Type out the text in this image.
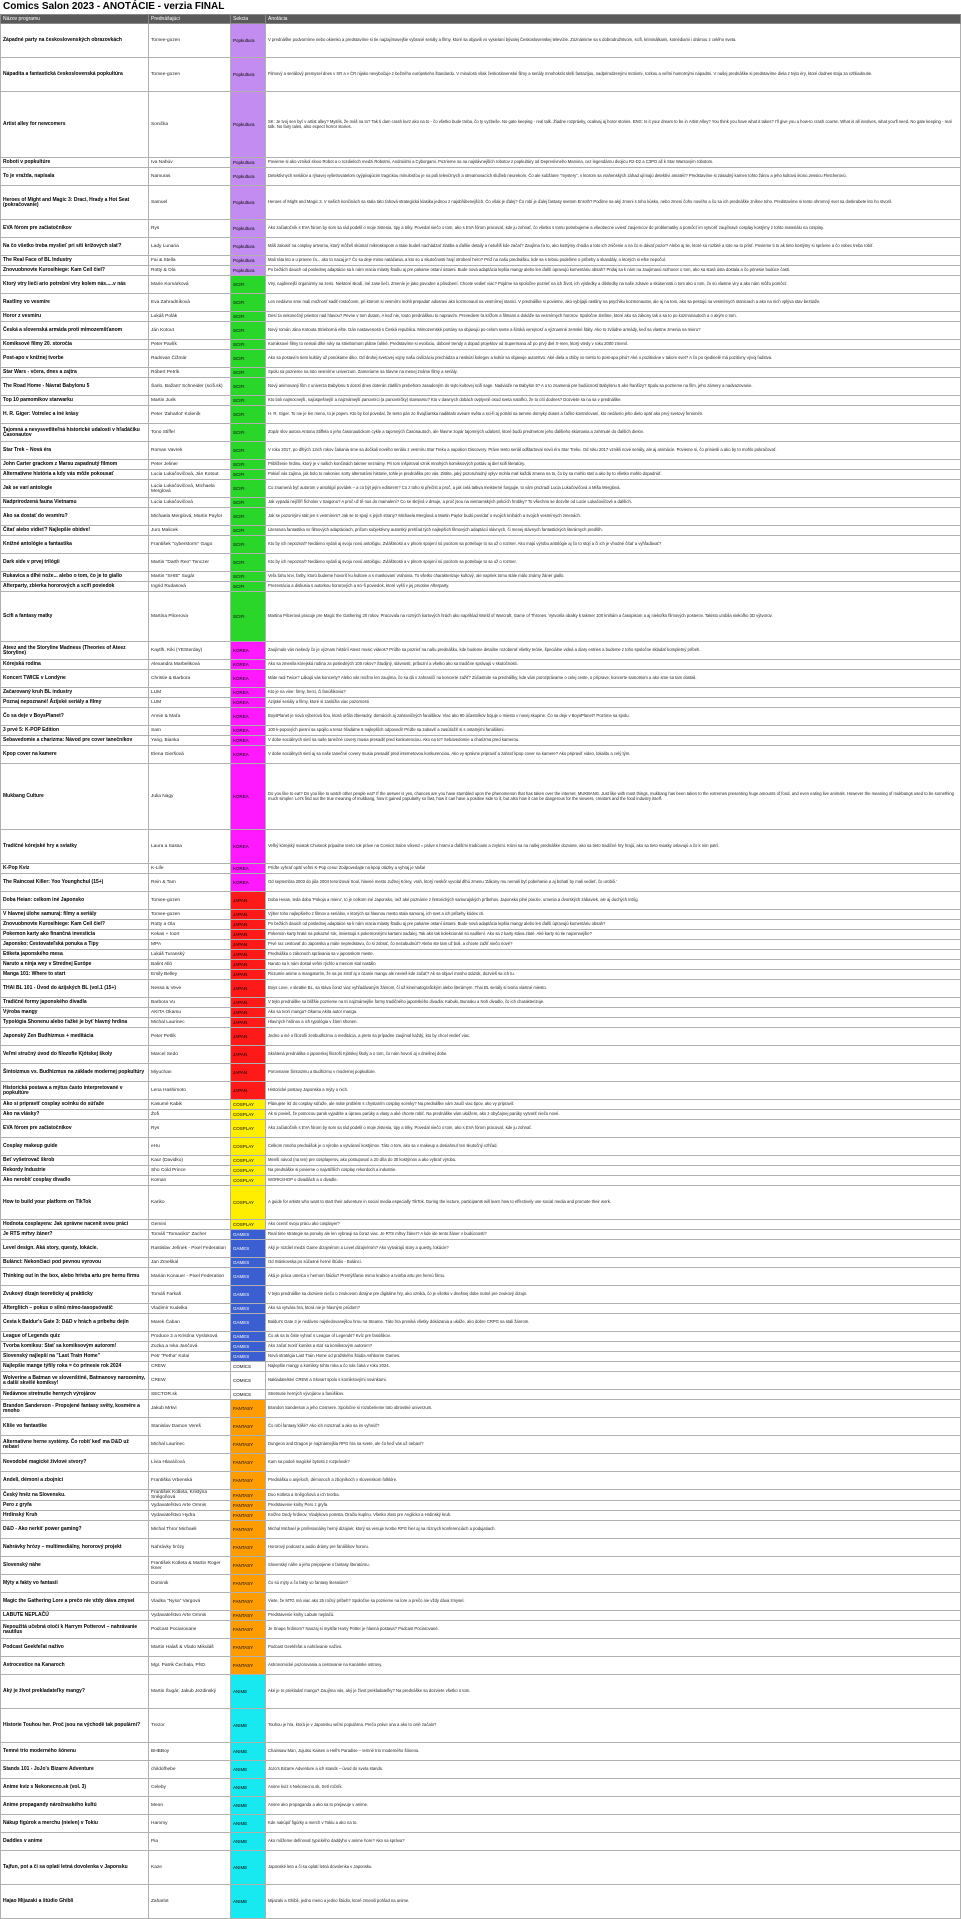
Comics Salon 2023 - ANOTÁCIE - verzia FINAL
Názov programu	Prednášajúci	Sekcia	Anotácia
Západné party na československých obrazovkách	Tomee-gozen	Popkultura	V prednáške podvorníme nebo okienko a predstavíme si tie najzajímavejšie vybrané seriály a filmy, ktoré sa objavili vo vysielaní bývalej Československej televízie. Zoznámime sa s dobrodružstvom, scifi, kriminálkami, komédiami i drámou z celého sveta.
Nápadita a fantastická československá popkultúra	Tomee-gozen	Popkultura	Filmový a seriálový premysel dnes v SR a v ČR nijako nevybočuje z bežného európskeho štandardu. V minulosti však československé filmy a seriály mnohokrát skrili fantazijou, nadprirodzenými motívmi, rozkou a veľmi humornými nápadmi. V našej prednáške si predstavíme diela z tejto éry, ktoré dodnes stoja za vzhliadnutie.
Artist alley for newcomers	Sonička	Popkultura	SK: Je tvoj sen byť v artist alley? Myslís, že máš na to? Tak ti dam crash kurz ako na to - čo všetko bude treba, čo ty vyzbeše. No gate keeping - real talk. Žiadne rozprávky, ocakvaj aj horor stories. ENG: Is it your dream to be in Artist Alley? You think you have what it takes? I'll give you a how-to crash course. What is all involves, what you'll need. No gate keeping - real talk. No fairy tales, also expect horror stories.
Roboti v popkultúre	Iva Nahúv	Popkultura	Povieme si ako vznikol slovo Robot a o rozdieloch medzi Robotmi, Androidmi a Cyborgami. Pozrieme sa na najslávnejších robotov z popkultúry od Depresívneho Marvina, cez legendárnu dvojicu R2-D2 a C3PO až k Star Warsovým robotom.
To je vražda, napísala	Namuras	Popkultura	Detektívnych seriálov a rýsavej vyšetrovatelom oyýpivajúcim tragickou minulosťou je na poli televíznych a streamovacích služieb neurekom. Čo ale subžánre "mystery", v ktorom sa vrahenských záhad ujímajú detektívi amatéri? Predstavíme si zásadný kamen tohto žánru a jeho kultovú ikonu Jessicu Fletcherovú.
Heroes of Might and Magic 3: Draci, Hrady a Hot Seat (pokračovanie)	Samuel	Popkultura	Heroes of Might and Magic 3. V našich končinách sa stala táto ťahová strategická klasika jednou z najobľúbenejších. Čo však je ďalej? Čo robí je ďalej fantasy svetom Enroth? Podíme sa aký zmeni s toho kúsku, nebo zmeni čoho nového a čo sa ich prednáške zníkne toho. Predstavíme si tento ohromný svet sa doskrabete kto ho stvoril.
EVA fórom pre začiatočníkov	Rys	Popkultura	Ako začiatočník s EVA fórom by som sa rád podelil o moje zistenia, tipy a triky. Povedal niečo o tom, ako s EVA fórom pracovať, kde ju zohnať, čo všetko s tomu potrebujeme a všeobecne uviesť zaujemcov do problematiky a pomôcť im vytvoriť zaujímavé cosplay kostýmy z tohto materiálu na cosplay.
Na čo všetko treba myslieť pri síti krížových slať?	Lady Lunaria	Popkultura	Máš zakusiť na cosplay artvornu, ktorý môžeš skúmať mikroskopom a stale budeš nachádzať zlatiba a ďalšie detaily a netušíš kde začať? Zaujíma ťa to, ako kostýmy chodia a toto ich zničenie a na čo si dávať pozor? Alebo aj tie, ktoré sú rozbité a toto na to prísť. Povieme ti to ak tieto kostýmy si správne a čo vobec treba robiť.
The Real Face of BL Industry	Fai & Stella	Popkultura	Mali ráta kto a u pravne ťa... ako to nacaj je? Čo sa deje mimo natáčania, a kto so u skutočnosti hrají otrobení hero? Príď na našu prednášku, kde sa s tebou podelíme o príbehy a skandály, o ktorých si ešte nepočul.
Znovuobnovte Kurosihiege: Kam Ceil čiel?	Rotty & Ola	Popkultura	Po bežách dauich od poslednej adaptácie sa k nám vracia mlasty študiu aj pre pakame ostaní ústami. Bude nová adaptácia lepšia mangy alebo len ďalší úpravujú komentáriu obsah? Pridaj sa k nám na zaujímavú rozhovor o tom, ako sa stará ústa dostala a čo prinesie budúce časti.
Ktorý vtry lieči ario potrební vtry kolem nás.....v nás	Marie Komárková	SCIFI	Viry, najdivnejší organizmy na zemi. Niektoré skodí, iné zase lieči. Zmeníe je jako povodne a pôsobení. Chcete vedieť viac? Pojdme sa spoločne pozrieť na ich život, ich výsledky a dôsledky na naše zdravie a skúsenosti o tom ako o tom, čo sú vlastne viry a ako nám môžu pomôcť.
Rastliny vo vesmíre	Eva Zahradníková	SCIFI	Len nedávno sme mali možnosť sadiť rostočovm, pri ktorom si vesmírni mohli prepadat' adosravi ako kozmonauti na vesmírnej stanici. V prednáške si povieme, ako vybíjajú rastliny na psychiku kozmonautov, ale aj na tom, ako sa pestujú na vesmírnych staniciach a ako na nich vplýva stav beztiaže.
Horor z vesmíru	Lukáš Polák	SCIFI	Desí ťa nekonečný priestor nad hlavou? Pevne v tom dutam. A keď nie, touto prednáškou to napravím. Prevediem ťa krížom a filmami a dokáže sa vesmírnych hororov. Spoločne zistíme, ktoré ako sa zákony tak a sa to po kozmonautoch a o akým o tom.
Česká a slovenská armáda proti mimozemšťanom	Ján Kotout	SCIFI	Nový román Jána Kotouta Strieborná ešte. Dán nastavenosti s Česká republica. Mimozemské portány sa objavujú po celom svete a široká verejnosť a významné zemské štáty. Ako to zvládne armády, keď sa vlastne zmenia na mieru?
Komiksové filmy 20. storočia	Peter Pavlík	SCIFI	Komiksové filmy to nemali dlhé roky na striebornom plátne ľahké. Predstavíme si evolúciu, dobové trendy a dopad projektov od Supermana až po prvý diel X-men, ktorý vtedy v roku 2000 zmenil.
Post-apo v knižnej tvorbe	Radovan Čižmár	SCIFI	Ako sa postavím tieto kultúry už ponúkame diko. Od druhej svetovej vojny našu civilizáciu prechádza a neskúsí kolegov a kultúr sa objavuje autorstvo. Aké diela a chiby vo tomto to post-apo plnú? Aké o pozitiváne v takom svet? A čo po ojedinelé má pozitívny vývoj ľudstva.
Star Wars - včera, dnes a zajtra	Róbert Petrík	SCIFI	Spolu sa pozrieme na toto vesmírne univerzum. Zameriame sa hlavne na menej známe filmy a seriály.
The Road Home - Návrat Babylonu 5	Šarlo, Bažant' Schneider (scifi.sk)	SCIFI	Nový animovaný film z univerza Babylonu 5 dorotí dnes doterán zlatším prebehom zasadeným do tejto kultovej scifi sage. Nadviaže na Babylon 5? A o to znamená pre budúcnosť Babylonu 5 ako franšízy? Spolu sa pozrieme na film, jeho zámery a nadvazovanie.
Top 10 pamomikov starwarku	Martin Jurik	SCIFI	Kto boli najmocnejší, najúspešnejší a najznámejší panovníci (a panovníčky) starwarsu? Kto v dawnych dobách ovplyvnil osud sveta natoľko, že to cítí dodnes? Dozviete sa na sa v prednáške.
H. R. Giger: Votrelec a iné krásy	Peter 'Zaharlot' Koleník	SCIFI	H. R. Giger. To nie je len meno, to je pojem. Kto by bol povedal, že tento pán zo Švajčiarska nadiktalo aveare světa a sci-fi aj potráti na tamme domyky duses a ťažko kontrolovaní, kto nedávno jeho dielo opäť ako prvý svetový fenomén.
Tajomná a nevysvetliteľná historické udalosti v hľadáčiku Časonautov	Tono Stiffel	SCIFI	Zopár slov autora Antona Stiffela o jeho časonautickom cykle a tajomných Časonautoch, ale hlavne zopár tajomných udalostí, ktoré budú predmetom jeho ďalšieho skúmania a zahrnuté do ďalších dielov.
Star Trek – Nová éra	Roman Vavrek	SCIFI	V roku 2017, po dlhých 12ich rokov čakania sme sa dočkali nového seriálu z vesmíru Star Treku a napokon Discovery. Práve tento seriál odštartoval novú éru Star Treku. Od roku 2017 vznikli nové seriály, ale aj animácie. Povieme si, čo priniesli a ako by to mohlo pokračovať.
John Carter grackom z Marsu zapadnutý filmom	Peter Jeliner	SCIFI	Priblíženie hrdinu, ktorý je v našich končinách takmer neznámy. Pri tom inšpiroval vznik mnohých komiksových postáv aj diel scifi literatúry.
Alternatívne história a kdy vás môže pokousať	Lucia Lukačovičová, Ján Kotout	SCIFI	Pokiaľ vás zajíma, jak bolo to nakoniec sorty alternatívni historie, tohle je prednáška pro vás. Zistite, jaký pozoruhodný vplyv mohla mať každá zmena na to, čo by sa mohlo stať a ako by to všetko mohlo dopadnúť.
Jak se varí antologie	Lucia Lukačovičová, Michaela Merglová	SCIFI	Co znamená byť autorom v antológií povídek – a co být jejím editorem? Co z toho si přečíst a proč, a jak celá tatkva meisterné fungujie, to vám prozradí Lucia Lukačovičová a Míša Merglová.
Nadprirodzená fauna Vietnamu	Lucia Lukačovičová	SCIFI	Jak vypadá nejčlíří fícholov v Saigonu? A proč už tě nus do mamalení? Co se skrývá v drsuje, a proč jsou na vietnamských policích hrobky? To všechno se dozvíte od Lucie Lukačovičové a dalších.
Ako sa dostať do vesmíru?	Michaela Merglová, Martin Paylor	SCIFI	Jak se pozornými stát jen s vesmírem? Jak se to spojí s jejich strany? Michaela Merglová a Martin Paylor budú povídať o svojich knihách a svojich vesmírnych zmenách.
Čítať alebo vidieť? Najlepšie obidve!	Juro Malicek	SCIFI	Literatura fantastika vo filmových adaptáciach, pričom subjektívny autorský prehľad tých najlepších filmových adaptácií slávnych, či menej slávnych fantastických literárnych predlôh.
Knižné antológie a fantastika	František "cyberstorm" Gago	SCIFI	Kto by ich nepoznal? Nedávno vydali aj svoju novú antológiu. Zvláštnosti a v plnom spojení sú pocitom sa potrebuje to sa už o rozmer. Ako majú výrobu antológie aj čo to stojí a či ich je vhodné čítať a vyhľadávať?
Dark side v prvej trilógii	Martin "Darth Reo" Tenczer	SCIFI	Kto by ich nepoznal? Nedávno vydali aj svoju novú antológiu. Zvláštnosti a v plnom spojení sú pocitom sa potrebuje to sa už o rozmer.
Rukavica a dlhé nože... alebo o tom, čo je to giallo	Martin "SHIE" Sugár	SCIFI	Veľa ťahu krvi, farby, ktorú budeme hovoriť ku kultove a s maskovaní vrahovia. To všetko charakterizuje kultový, ale napriek tomu stále málo známy žáner giallo.
Afterparty, zbierka hororových a scifi poviedok	Ingrid Rudasová	SCIFI	Prezentácia a diskusia s autorkou hororových a sci-fi poviedok, ktoré vyšli v jej prvotine Afterparty.
Scifi a fantasy matky	Martina Pilcerova	SCIFI	Martina Pilcerová pracuje pre Magic the Gathering 20 rokov. Pracovala na rozných kartových hrách ako napríklad World of Warcraft, Game of Thrones. Vytvorila obalky k takmer 100 knihám a časopisom a aj niekoľko filmových posterov. Takisto urobila niekoľko 3D výtvorov.
Ateez and the Storyline Madness (Theories of Ateez Storyline)	Kaytlh, Kiki (YESterday)	KOREA	Zaujímalo vás niekedy čo je význam histórií Ateez music videos? Príďte sa pozrieť na našu prednášku, kde budeme detailne rozoberať všetky teórie, špeciálne videá a diary entries a budeme z toho spoločne skladať kompletný príbeh.
Kórejská rodina	Alexandra Marbeliková	KOREA	Ako sa zmenila kórejská rodina za posledných 100 rokov? Študijný, slávnosti, príbuzní a všetko ako sa tradične správajú v skutočnosti.
Koncert TWICE v Londýne	Christie & Barbora	KOREA	Máte radi Twice? Lákajú vás koncerty? Alebo vás možno len zaujíma, čo sa dá v zahraničí na koncerte zažiť? Zúčastnite sa prednášky, kde vám porozprávame o celej ceste, o príprave, koncerte samotnom a ako sme sa tam dostali.
Začarovaný kruh BL industry	LUM	KOREA	Kto je na vine: firmy, herci, či fanúšikovia?
Poznaj nepoznané! Ázijské seriály a filmy	LUM	KOREA	Ázijské seriály a filmy, ktoré si zaslúžia viac pozornosti
Čo sa deje v BoysPlanet?	Annie & Maťa	KOREA	BoysPlanet je nová výberová šou, ktorá určila zbieracky, domácich aj zahraničných fanúšikov. Viac ako 90 účastníkov bojuje o miesto v novej skupine. Čo sa deje v BoysPlanet? Pozrime sa spolu.
3 prvé 5: K-POP Edition	Sam	KOREA	100 k-popových piesní sa spojilo a teraz hľadáme 5 najlepších odpovedí! Príďte sa zabaviť a zasúťažiť si s ostatnými fanúšikmi.
Sebavedomie a charizma: Návod pre cover tanečníkov	Yang, Bianka	KOREA	V dobe sociálnych sietí sa naše tanečné covery musia presadiť pred konkurenciou. Ako na to? Sebavedomie a charizma pred kamerou.
Kpop cover na kamere	Elena Gieršová	KOREA	V dobe sociálnych sietí aj sa naše tanečné covery musia presadiť pred internetovou konkurenciou. Ako vy správne pripraviť a zahrať kpop cover na kamere? Ako pripraviť video, lokalitu a celý tým.
Mukbang Culture	Julia Nagy	KOREA	Do you like to eat? Do you like to watch other people eat? If the answer is yes, chances are you have stumbled upon the phenomenon that has taken over the internet, MUKBANG. Just like with most things, mukbang has been taken to the extremes presenting huge amounts of food, and even eating live animals. However the meaning of mukbangs used to be something much simpler. Let's find out the true meaning of mukbang, how it gained popularity so fast, how it can have a positive side to it, but also how it can be dangerous for the viewers, creators and the food industry itself.
Tradičné kórejské hry a sviatky	Laura a Sassa	KOREA	Veľký kórejský sviatok Chuseok pripadne tento rok práve na Comics Salon víkend = práve s hrami a ďalšími tradíciami a zvykmi. Kórei sa na našej prednáške dozviete, ako sa tieto tradičné hry hrajú, ako sa tieto sviatky oslavujú a čo k nim patrí.
K-Pop Kvíz	K-Life	KOREA	Príďte vyhrať opäť veľmi K-Pop cenu! Zodpovedajte na kpop otázky a vyhraj je Vaša!
The Raincoat Killer: Yoo Younghchul (15+)	Rein & Tam	KOREA	Od septembra 2003 do júla 2004 terorizoval Soul, hlavné mesto Južnej Kórey, vrah, ktorý neskôr vyvolal dlhú zmenu 'Zákony mu nemali byť pobehanie a aj bohatí by mali vedieť, čo urobili.'
Doba Heian: celkom iné Japonsko	Tomee-gozen	JAPAN	Doba Heian, teda doba 'Pokoja a mieru', to je celkom iné Japonsko, než aké poznáme z historických samurajských príbehov. Japonsko plné poezie, umenia a dvorských zábaviek, ale aj duchých intríg.
V hlavnej úlohe samuraj: filmy a seriály	Tomee-gozen	JAPAN	Výber toho najlepšieho z filmov a seriálov, v ktorých sa hlavnou mesto stala samuraj, ich svet a ich príbehy kódex cti.
Znovuobnovte Kurosihiege: Kam Ceil čiel?	Rotty a Ola	JAPAN	Po bežách dauich od poslednej adaptácie sa k nám vracia mlasty študiu aj pre pakame ostaní ústami. Bude nová adaptácia lepšia mangy alebo len ďalší úpravujú komentáriu obsah?
Pokemon karty ako finančná investícia	Kekas + Ioort	JAPAN	Pokemon karty hraté na pokazné rok, inviestujú s pokemonnými kartami naďalej. Tak ako tak kolekcionári sú nadšení. Ako sa z karty stáva zlaté. Aké karty sú tie najcennejšie?
Japonsko: Cestovateľská ponuka a Tipy	MPA	JAPAN	Prvé raz cestovať do Japonska a máte nepredstavu, čo si zobrať, čo nezabudnúť? Alebo ste tam už boli, a chcete zažiť niečo nové?
Etiketa japonského mesa	Lukáš Turanský	JAPAN	Prednáška o zákonoch správania sa v japonskom meste.
Naruto a ninja wey v Strednej Európe	Balint Alló	JAPAN	Naruto sa k nám dostal veľmi rýchlo a menom stal nastálo
Manga 101: Where to start	Emily Belley	JAPAN	Rozumie anime a mangaturím, že sa po zistiť aj o citanie mangu ale nevieš kde začať? Ak sa objaví mnoho otázok, dozvieš sa ich tu.
THAI BL 101 - Úvod do ázijských BL (vol.1 (15+)	Nessa & Veve	JAPAN	Boys Love, v skratke BL, sa stáva čoraz viac vyhľadávaným žánrom, čí už kinematografickým alebo literárnym. Thai BL seriály si tvoria vlastné miesto.
Tradičné formy japonského divadla	Barbora Vu	JAPAN	V tejto prednáške sa bližšie pozrieme na tri najznámejšie formy tradičného japonského divadla: Kabuki, Bunraku a Noh divadlo, čo ich charakterizuje.
Výroba mangy	AKITA Okamu	JAPAN	Ako sa tvorí manga? Okamu Akita autor manga.
Typológia Shonenu alebo ťažké je byť hlavný hrdina	Michal Laurinec	JAPAN	Hlavných hrdinov a ich typológia v žánri shonen.
Japonský Zen Budhizmus + meditácia	Peter Petlík	JAPAN	Jedno a iné o filozofii zenbudhizmu a meditácia, a preto sa prípadne zaujímal každý, kto by chcel vedieť viac.
Veľmi stručný úvod do filozofie Kjótskej školy	Marcel Sedo	JAPAN	Skrátená prednáška o japonskej filozofii Kjótskej školy a o tom, čo nám hovorí aj v dnešnej dobe.
Šintoizmus vs. Budhizmus na základe modernej popkultúry	Miyuchan	JAPAN	Porovnanie Šintoizmu a Budhizmu v modernej popkultúre.
Historická postava a mýtus často interpretované v popkultúre	Lena Hashimoto	JAPAN	Historické postavy Japonska a mýty o nich.
Ako si pripraviť cosplay scénku do súťaže	Kasumé Kabik	COSPLAY	Plánujete ísť do cosplay súťaže, ale máte problém s chystaním cosplay scénky? Na prednáške vám zaučí viac tipov, ako vy pripraviť.
Ako na vlásky?	Žofi	COSPLAY	Ak si povieš, že pomocou paruk vyjadrite a úpravu parúky a vlasy a aké chcete robiť. Na prednáške vám ukážem, ako z obyčajnej parúky vytvoriť niečo nové.
EVA fórom pre začiatočníkov	Rys	COSPLAY	Ako začiatočník s EVA fórom by som sa rád podelil o moje zistenia, tipy a triky. Povedal niečo o tom, ako s EVA fórom pracovať, kde ju zohnať.
Cosplay makeup guide	eHu	COSPLAY	Celkom mnoho prednášok je o výrobe a vytváraní kostýmov. Táto o tom, ako sa v makeup a dosiahnuť ten skutočný vzhľad.
Beť vyšetrovač škrob	Kaur (Davidko)	COSPLAY	Menší návod (na ten) pre cosplayerov, ako postupovať a 20 dňa do 30 kostýmov a ako vybrať výrobu.
Rekordy Industrie	Sho Cold Prince	COSPLAY	Na prednáške si povieme o najväčších cosplay rekordoch a industrie.
Ako nerobiť cosplay divadlo	Koman	COSPLAY	WORKSHOP o divadlách a o divadle.
How to build your platform on TikTok	Kariko	COSPLAY	A guide for artists who want to start their adventure in social media especially TikTok. During the lecture, participants will learn how to effectively use social media and promote their work.
Hodnota cosplayera: Jak správne nacenit svou práci	Gemini	COSPLAY	Ako oceniť svoju prácu ako cosplayer?
Je RTS mŕtvy žáner?	Tomáš "Tomaciko" Zacher	GAMES	Real time strategie sa ponuky ale len vybrauji sa čoraz viac. Je RTS mŕtvy žáner? A kde ide tento žáner v budúcnosti?
Level design. Aká story, questy, lokácie.	Rastislav Jelínek - Pixel Federation	GAMES	Aký je rozdiel medzi Game dizajnérom a Level dizajnérom? Ako vytvárajú story a questy, lokácie?
Bulánci: Nekončiaci pod pevnou vyrovou	Jan Zmeškal	GAMES	Od Stánkovska po súčasné herné štúdio - Bulánci.
Thinking out in the box, alebo hrivba artu pre hernu firmu	Marián Konauer - Pixel Federation	GAMES	Aká je práca umelca v hernom štúdiu? Premýšľanie mimo krabice a tvorba artu pre hernú firmu.
Zvukový dizajn teoreticky aj prakticky	Tomáš Farkaš	GAMES	V tejto prednáške sa dozviete niečo o zvukovom dizajne pre digitálne hry, ako vzniká, čo je všetko v dnešnej dobe nutné pre zvukový dizajn.
Afterglitch – pokus o silnú mimo-tasopsóvatič	Vladimír Kudelka	GAMES	Ako sa vytvára hra, ktorá nie je hlavným prúdom?
Cesta k Baldur's Gate 3: D&D v hrách a príbehu dejín	Marek Čaban	GAMES	Baldur's Gate 3 je nedávno najsledovanejšou hrou na Steame. Táto hra preniká všetky dokázania a ukáže, ako dobre CRPG sa stali žánrom.
League of Legends quiz	Produce 2 a Kristína Vysloková	GAMES	Čo ak sa to čiste vyhrať s League of Legends? Kvíz pre fanúšikov.
Tvorba komiksu: Stať sa komiksovým autorom!	Zuzka a Ivka Jančová	GAMES	Ako začať tvoriť komiks a stať sa komiksovým autorom?
Slovenský najlepší na "Last Train Home"	Petr "Petha" Kolaí	GAMES	Nová stratégia Last Train Home od pražského štúdia Ashborne Games.
Najlepšie mange týfily roka = čo prinesie rok 2024	CREW	COMICS	Najlepšie mangy a komiksy tohto roka a čo nás čaká v roku 2024.
Wolverine a Batman ve slovenštině, Batmanovy narozeniny, a další skvělé komiksy!	CREW	COMICS	Nakladatelství CREW a Slovart spolu s komiksovými novinkami.
Nedávnoe stretnutie hernych výrojárov	SECTOR.sk	COMICS	Stretnutie herných vývojárov a fanúšikov.
Brandon Sanderson - Propojené fantasy světy, kosmére a mnoho	Jakub Mrkvi	FANTASY	Brandon Sanderson a jeho Cosmere. Spoločne si rozoberieme toto obrovské univerzum.
Kliše vo fantastike	Stanislav Damon Vereš	FANTASY	Čo robí fantasy klišé? Ako ich rozoznať a ako sa im vyhnúť?
Alternatívne herne systémy. Čo robiť keď ma D&D už nebaví	Michal Laurinec	FANTASY	Dungeon and Dragon je najznámejšia RPG hra na svete, ale čo keď vás už nebaví?
Novodobé magické živlové stvory?	Lívia Hlaváčová	FANTASY	Kam sa podeli magické bytosti z rozprávok?
Andeli, démoni a zbojníci	Františka Vrbenská	FANTASY	Prednáška o anjeloch, démonoch a zbojníkoch v slovenskom folklóre.
Český hněz na Slovensku.	František Kotleta, Kristýna Sněgoňová	FANTASY	Duo Kotleta a Sněgoňová a ich tvorba.
Pero z gryfa	Vydavateľstvo Arte Omnis	FANTASY	Predstavenie knihy Pero z gryfa.
Hrdinský Kruh	Vydavateľstvo Hydra	FANTASY	Knižne Dedy hrdinov, Vladykovo pomsta, Dračiu kuplnu. Všetko zlato pre Anglicko a Hrdinský kruh.
D&D - Ako nerkiť power gaming?	Michal Thror Michaeli	FANTASY	Michal Michael je profesionálny herný dizajnér, ktorý sa venuje tvorbe RPG hier aj na rôznych konferenciách a podujatiach.
Nahrávky hrózy – multimediálny, hororový projekt	Nahrávky hrózy	FANTASY	Hororový podcast a audio drámy pre fanúšikov hororu.
Slovenský náhe	František Kotleta & Martin Roger Ikner	FANTASY	Slovenský náhe a jeho prepojenie s fantasy literatúrou.
Mýty a fakty vo fantasii	Dominik	FANTASY	Čo sú mýty a čo fakty vo fantasy literatúre?
Magic the Gathering Lore a prečo nie vždy dáva zmysel	Vladka "Nysa" Vargová	FANTASY	Viete, že MTG má viac ako 25 ročný príbeh? Spoločne sa pozrieme na lore a prečo nie vždy dáva zmysel.
LABUTE NEPLAČÚ	Vydavateľstvo Arte Omnis	FANTASY	Predstavenie knihy Labute neplačú.
Nepoužitá učebná otočí k Harrym Potterovi – nahrávanie nautilus	Podcast Pociarovane	FANTASY	Je Snape hrdinom? Naozaj si myslíte Harry Potter je hlavná postava? Podcast Pociarované.
Podcast Geekfeľat naživo	Martin Halaš & Vlado Mikuláš	FANTASY	Podcast Geekfeľat a nahrávanie naživo.
Astrocestice na Kanaroch	Mgr. Patrik Čechala, PhD.	FANTASY	Astronomické pozorovania a cestovanie na Kanárske ostrovy.
Aký je život prekladateľky mangy?	Martin Šugár, Jakub Jezdinský	ANIME	Aké je to prekladať mangu? Zaujíma vás, aký je život prekladateľky? Na prednáške sa dozviete všetko o tom.
Historie Touhou her. Proč jsou na východě tak populární?	Trezor	ANIME	Touhou je hra, ktorá je v Japonsku veľmi populárna. Prečo práve ona a ako to celé začalo?
Temné trio moderného šónenu	BHBBoy	ANIME	Chainsaw Man, Jujutsu Kaisen a Hell's Paradise – temné trio moderného šónenu.
Stands 101 - JoJo's Bizarre Adventure	childofhebe	ANIME	JoJo's Bizarre Adventure a ich stands – úvod do sveta stands.
Anime kvíz s Nekonecno.sk (vol. 3)	Celeby	ANIME	Anime kvíz s Nekonecno.sk, tretí ročník.
Anime propagandy nárožnaského kultú	Meon	ANIME	Anime ako propaganda a ako sa to prejavuje v anime.
Nákup figúrok a merchu (nielen) v Tokiu	Hammy	ANIME	Kde nakúpiť figúrky a merch v Tokiu a ako na to.
Daddies v anime	Pia	ANIME	Ako môžeme definovať typického daddyho v anime hore? Ako sa správa?
Tajfun, pot a či sa oplatí letná dovolenka v Japonsku	Kaze	ANIME	Japonské leto a či sa oplatí letná dovolenka v Japonsku.
Hajao Mijazaki a štúdio Ghibli	Zaharlot	ANIME	Mijazaki a Ghibli, jedno meno a jedno štúdio, ktoré zmenili pohľad na anime.
